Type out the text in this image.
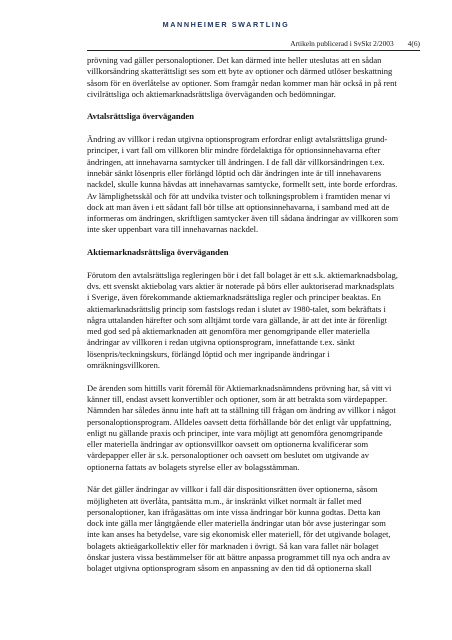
MANNHEIMER SWARTLING
Artikeln publicerad i SvSkt 2/2003 4(6)

prövning vad gäller personaloptioner. Det kan därmed inte heller uteslutas att en sådan

villkorsändring skatterättsligt ses som ett byte av optioner och därmed utlöser beskattning

såsom för en överlåtelse av optioner. Som framgår nedan kommer man här också in på rent

civilrättsliga och aktiemarknadsrättsliga överväganden och bedömningar.

Avtalsrättsliga överväganden

Ändring av villkor i redan utgivna optionsprogram erfordrar enligt avtalsrättsliga grund-

principer, i vart fall om villkoren blir mindre fördelaktiga för optionsinnehavarna efter

ändringen, att innehavarna samtycker till ändringen. I de fall där villkorsändringen t.ex.

innebär sänkt lösenpris eller förlängd löptid och där ändringen inte är till innehavarens

nackdel, skulle kunna hävdas att innehavarnas samtycke, formellt sett, inte borde erfordras.

Av lämplighetsskäl och för att undvika tvister och tolkningsproblem i framtiden menar vi

dock att man även i ett sådant fall bör tillse att optionsinnehavarna, i samband med att de

informeras om ändringen, skriftligen samtycker även till sådana ändringar av villkoren som

inte sker uppenbart vara till innehavarnas nackdel.

Aktiemarknadsrättsliga överväganden

Förutom den avtalsrättsliga regleringen bör i det fall bolaget är ett s.k. aktiemarknadsbolag,

dvs. ett svenskt aktiebolag vars aktier är noterade på börs eller auktoriserad marknadsplats

i Sverige, även förekommande aktiemarknadsrättsliga regler och principer beaktas. En

aktiemarknadsrättslig princip som fastslogs redan i slutet av 1980-talet, som bekräftats i

några uttalanden härefter och som alltjämt torde vara gällande, är att det inte är förenligt

med god sed på aktiemarknaden att genomföra mer genomgripande eller materiella

ändringar av villkoren i redan utgivna optionsprogram, innefattande t.ex. sänkt

lösenpris/teckningskurs, förlängd löptid och mer ingripande ändringar i

omräkningsvillkoren.

De ärenden som hittills varit föremål för Aktiemarknadsnämndens prövning har, så vitt vi

känner till, endast avsett konvertibler och optioner, som är att betrakta som värdepapper.

Nämnden har således ännu inte haft att ta ställning till frågan om ändring av villkor i något

personaloptionsprogram. Alldeles oavsett detta förhållande bör det enligt vår uppfattning,

enligt nu gällande praxis och principer, inte vara möjligt att genomföra genomgripande

eller materiella ändringar av optionsvillkor oavsett om optionerna kvalificerar som

värdepapper eller är s.k. personaloptioner och oavsett om beslutet om utgivande av

optionerna fattats av bolagets styrelse eller av bolagsstämman.

När det gäller ändringar av villkor i fall där dispositionsrätten över optionerna, såsom

möjligheten att överlåta, pantsätta m.m., är inskränkt vilket normalt är fallet med

personaloptioner, kan ifrågasättas om inte vissa ändringar bör kunna godtas. Detta kan

dock inte gälla mer långtgående eller materiella ändringar utan bör avse justeringar som

inte kan anses ha betydelse, vare sig ekonomisk eller materiell, för det utgivande bolaget,

bolagets aktieägarkollektiv eller för marknaden i övrigt. Så kan vara fallet när bolaget

önskar justera vissa bestämmelser för att bättre anpassa programmet till nya och andra av

bolaget utgivna optionsprogram såsom en anpassning av den tid då optionerna skall
